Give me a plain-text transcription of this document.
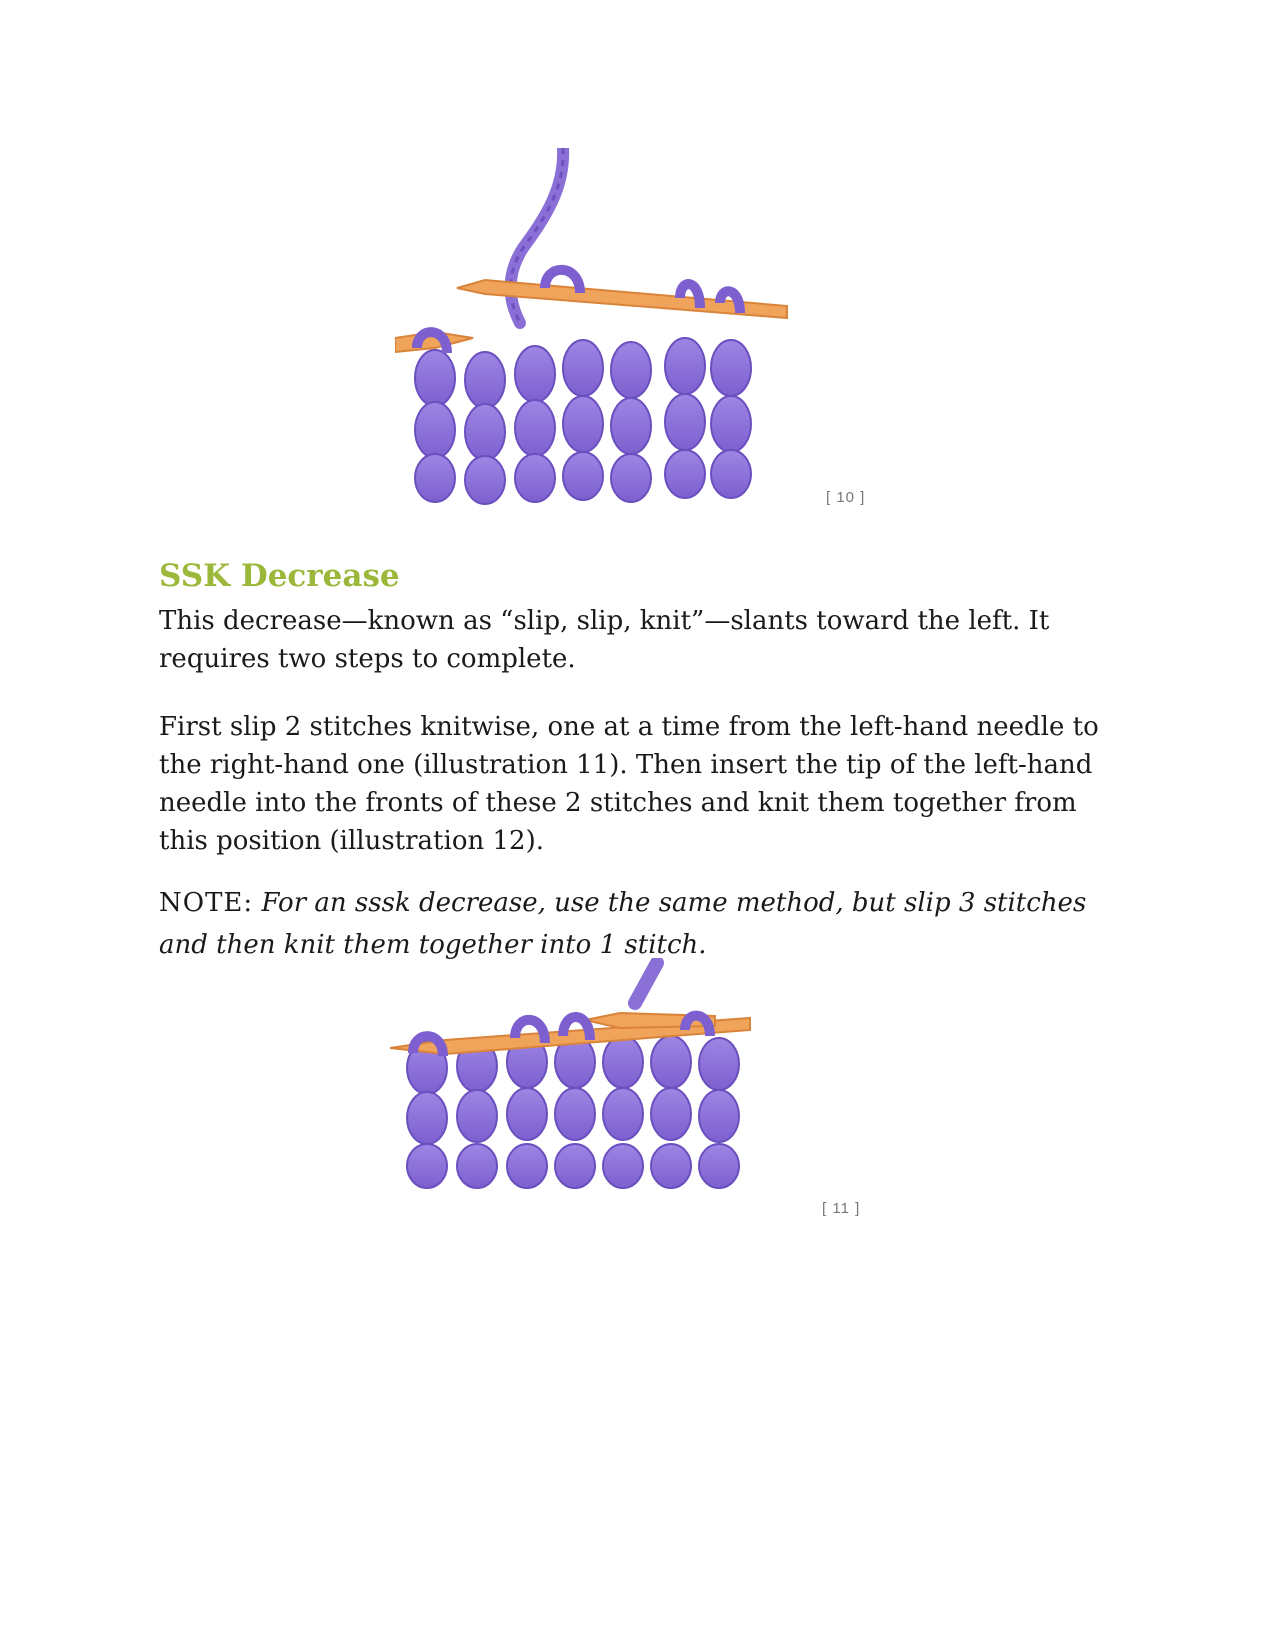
[ 10 ]
SSK Decrease

This decrease—known as “slip, slip, knit”—slants toward the left. It requires two steps to complete.

First slip 2 stitches knitwise, one at a time from the left-hand needle to the right-hand one (illustration 11). Then insert the tip of the left-hand needle into the fronts of these 2 stitches and knit them together from this position (illustration 12).

NOTE: For an sssk decrease, use the same method, but slip 3 stitches and then knit them together into 1 stitch.

[ 11 ]
